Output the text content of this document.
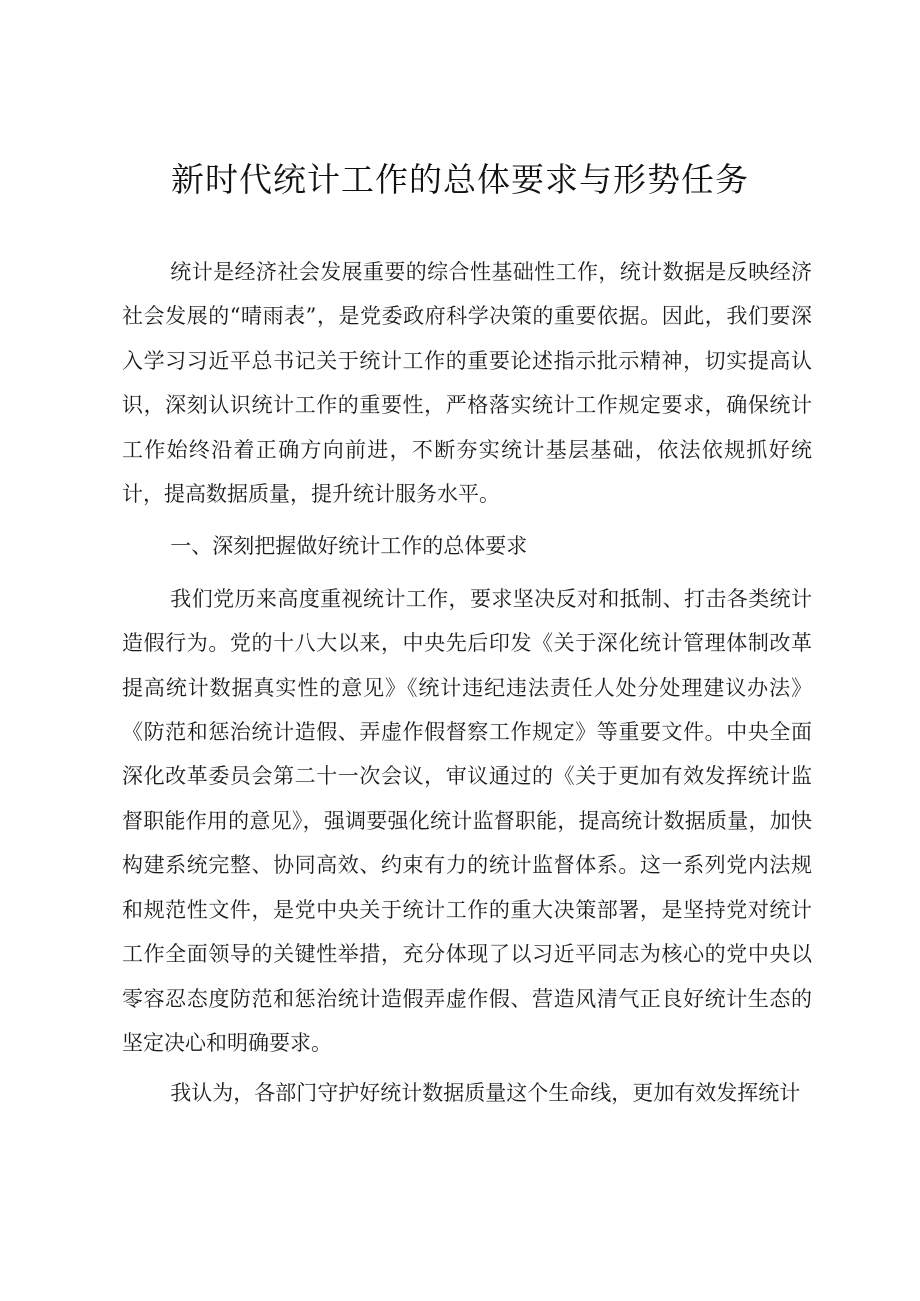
新时代统计工作的总体要求与形势任务

统计是经济社会发展重要的综合性基础性工作，统计数据是反映经济社会发展的“晴雨表”，是党委政府科学决策的重要依据。因此，我们要深入学习习近平总书记关于统计工作的重要论述指示批示精神，切实提高认识，深刻认识统计工作的重要性，严格落实统计工作规定要求，确保统计工作始终沿着正确方向前进，不断夯实统计基层基础，依法依规抓好统计，提高数据质量，提升统计服务水平。

一、深刻把握做好统计工作的总体要求

我们党历来高度重视统计工作，要求坚决反对和抵制、打击各类统计造假行为。党的十八大以来，中央先后印发《关于深化统计管理体制改革提高统计数据真实性的意见》《统计违纪违法责任人处分处理建议办法》《防范和惩治统计造假、弄虚作假督察工作规定》等重要文件。中央全面深化改革委员会第二十一次会议，审议通过的《关于更加有效发挥统计监督职能作用的意见》，强调要强化统计监督职能，提高统计数据质量，加快构建系统完整、协同高效、约束有力的统计监督体系。这一系列党内法规和规范性文件，是党中央关于统计工作的重大决策部署，是坚持党对统计工作全面领导的关键性举措，充分体现了以习近平同志为核心的党中央以零容忍态度防范和惩治统计造假弄虚作假、营造风清气正良好统计生态的坚定决心和明确要求。

我认为，各部门守护好统计数据质量这个生命线，更加有效发挥统计
